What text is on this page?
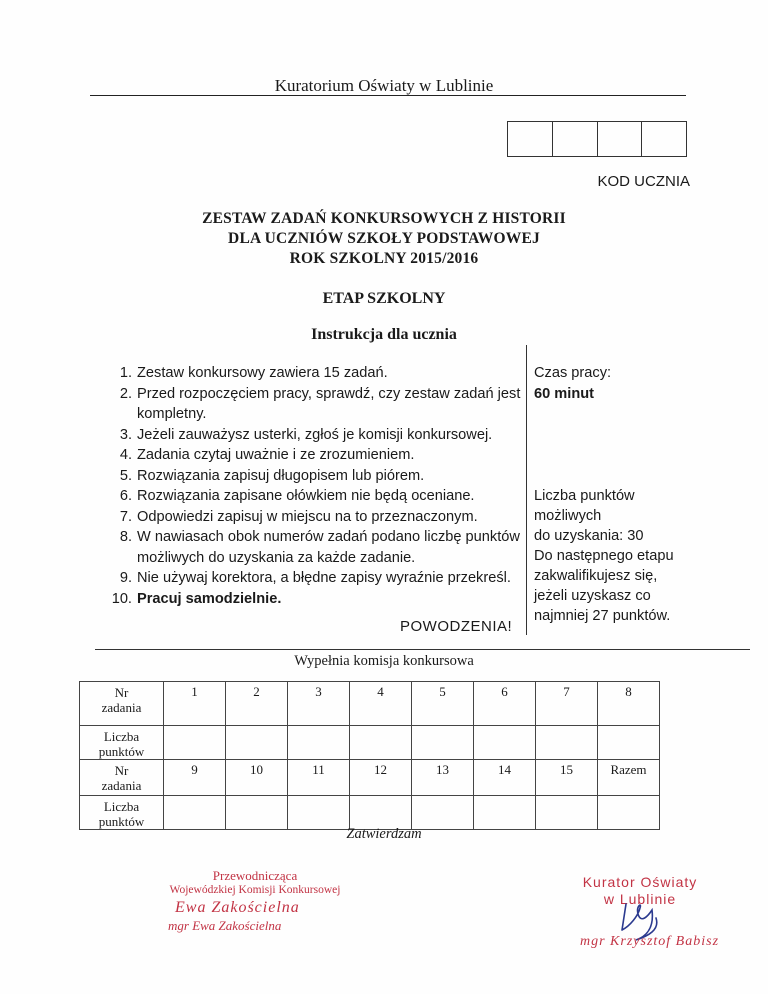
Kuratorium Oświaty w Lublinie
KOD UCZNIA
ZESTAW ZADAŃ KONKURSOWYCH Z HISTORII
DLA UCZNIÓW SZKOŁY PODSTAWOWEJ
ROK SZKOLNY 2015/2016
ETAP SZKOLNY
Instrukcja dla ucznia
1. Zestaw konkursowy zawiera 15 zadań.
2. Przed rozpoczęciem pracy, sprawdź, czy zestaw zadań jest kompletny.
3. Jeżeli zauważysz usterki, zgłoś je komisji konkursowej.
4. Zadania czytaj uważnie i ze zrozumieniem.
5. Rozwiązania zapisuj długopisem lub piórem.
6. Rozwiązania zapisane ołówkiem nie będą oceniane.
7. Odpowiedzi zapisuj w miejscu na to przeznaczonym.
8. W nawiasach obok numerów zadań podano liczbę punktów możliwych do uzyskania za każde zadanie.
9. Nie używaj korektora, a błędne zapisy wyraźnie przekreśl.
10. Pracuj samodzielnie.
Czas pracy:
60 minut
Liczba punktów
możliwych
do uzyskania: 30
Do następnego etapu
zakwalifikujesz się,
jeżeli uzyskasz co
najmniej 27 punktów.
POWODZENIA!
Wypełnia komisja konkursowa
Nr
zadania	1	2	3	4	5	6	7	8
Liczba
punktów								
Nr
zadania	9	10	11	12	13	14	15	Razem
Liczba
punktów								
Zatwierdzam
Przewodnicząca
Wojewódzkiej Komisji Konkursowej
Ewa Zakościelna
mgr Ewa Zakościelna
Kurator Oświaty
w Lublinie
mgr Krzysztof Babisz
